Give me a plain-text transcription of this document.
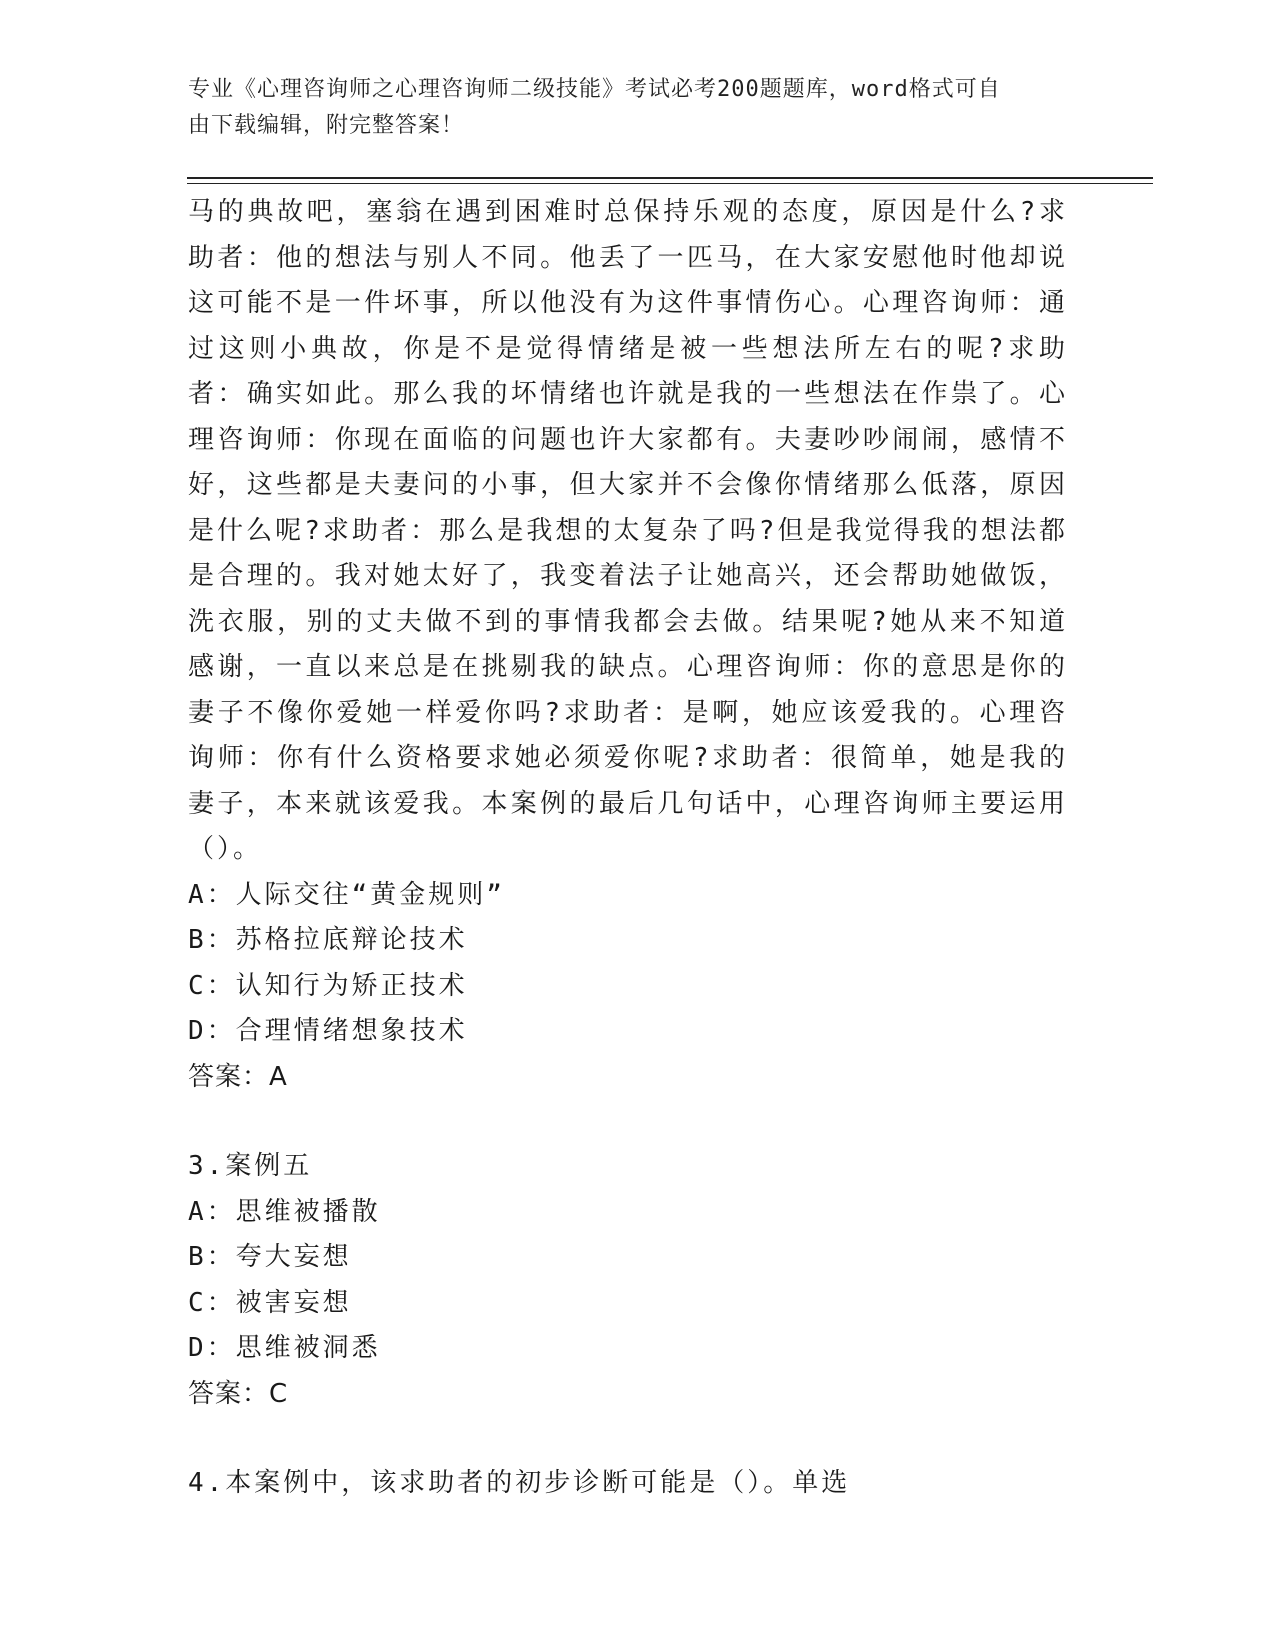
专业《心理咨询师之心理咨询师二级技能》考试必考200题题库，word格式可自
由下载编辑，附完整答案！

马的典故吧，塞翁在遇到困难时总保持乐观的态度，原因是什么?求助者：他的想法与别人不同。他丢了一匹马，在大家安慰他时他却说这可能不是一件坏事，所以他没有为这件事情伤心。心理咨询师：通过这则小典故，你是不是觉得情绪是被一些想法所左右的呢?求助者：确实如此。那么我的坏情绪也许就是我的一些想法在作祟了。心理咨询师：你现在面临的问题也许大家都有。夫妻吵吵闹闹，感情不好，这些都是夫妻问的小事，但大家并不会像你情绪那么低落，原因是什么呢?求助者：那么是我想的太复杂了吗?但是我觉得我的想法都是合理的。我对她太好了，我变着法子让她高兴，还会帮助她做饭，洗衣服，别的丈夫做不到的事情我都会去做。结果呢?她从来不知道感谢，一直以来总是在挑剔我的缺点。心理咨询师：你的意思是你的妻子不像你爱她一样爱你吗?求助者：是啊，她应该爱我的。心理咨询师：你有什么资格要求她必须爱你呢?求助者：很简单，她是我的妻子，本来就该爱我。本案例的最后几句话中，心理咨询师主要运用（）。

A：人际交往“黄金规则”

B：苏格拉底辩论技术

C：认知行为矫正技术

D：合理情绪想象技术

答案：A

3.案例五

A：思维被播散

B：夸大妄想

C：被害妄想

D：思维被洞悉

答案：C

4.本案例中，该求助者的初步诊断可能是（）。单选
